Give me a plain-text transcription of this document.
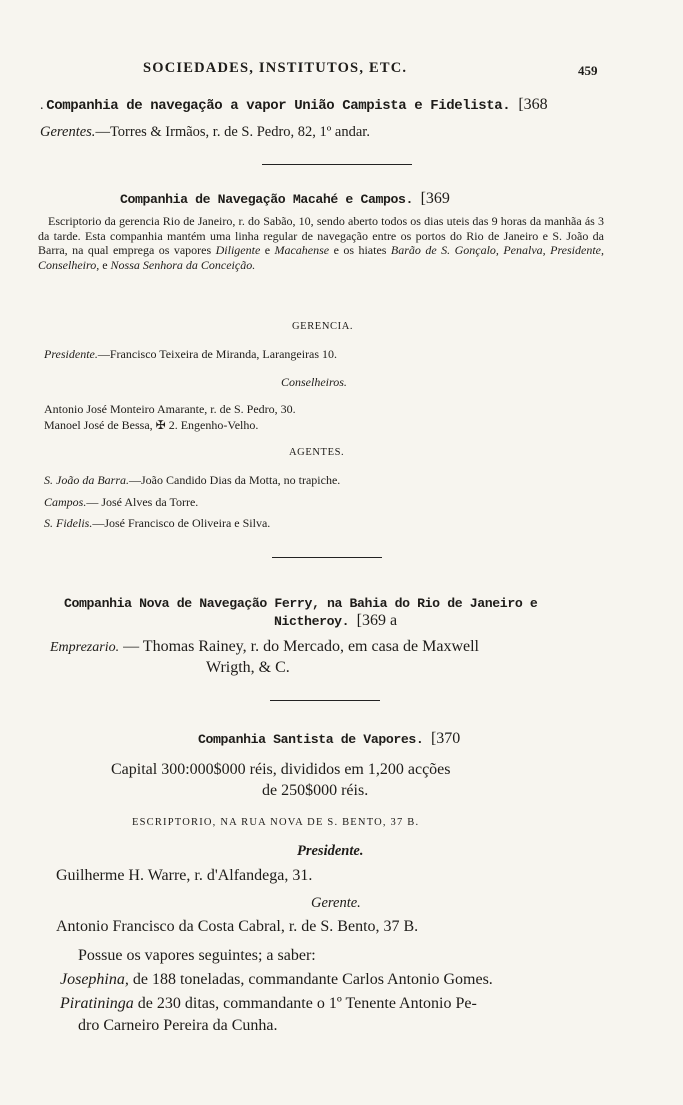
SOCIEDADES, INSTITUTOS, ETC.	459
. Companhia de navegação a vapor União Campista e Fidelista. [368
Gerentes.—Torres & Irmãos, r. de S. Pedro, 82, 1º andar.
Companhia de Navegação Macahé e Campos. [369
Escriptorio da gerencia Rio de Janeiro, r. do Sabão, 10, sendo aberto todos os dias uteis das 9 horas da manhãa ás 3 da tarde. Esta companhia mantém uma linha regular de navegação entre os portos do Rio de Janeiro e S. João da Barra, na qual emprega os vapores Diligente e Macahense e os hiates Barão de S. Gonçalo, Penalva, Presidente, Conselheiro, e Nossa Senhora da Conceição.
GERENCIA.
Presidente.—Francisco Teixeira de Miranda, Larangeiras 10.
Conselheiros.
Antonio José Monteiro Amarante, r. de S. Pedro, 30.
Manoel José de Bessa, ✠ 2. Engenho-Velho.
AGENTES.
S. João da Barra.—João Candido Dias da Motta, no trapiche.
Campos.— José Alves da Torre.
S. Fidelis.—José Francisco de Oliveira e Silva.
Companhia Nova de Navegação Ferry, na Bahia do Rio de Janeiro e
Nictheroy. [369 a
Emprezario. — Thomas Rainey, r. do Mercado, em casa de Maxwell
Wrigth, & C.
Companhia Santista de Vapores. [370
Capital 300:000$000 réis, divididos em 1,200 acções
de 250$000 réis.
ESCRIPTORIO, NA RUA NOVA DE S. BENTO, 37 B.
Presidente.
Guilherme H. Warre, r. d'Alfandega, 31.
Gerente.
Antonio Francisco da Costa Cabral, r. de S. Bento, 37 B.
Possue os vapores seguintes; a saber:
Josephina, de 188 toneladas, commandante Carlos Antonio Gomes.
Piratininga de 230 ditas, commandante o 1º Tenente Antonio Pe-
dro Carneiro Pereira da Cunha.
